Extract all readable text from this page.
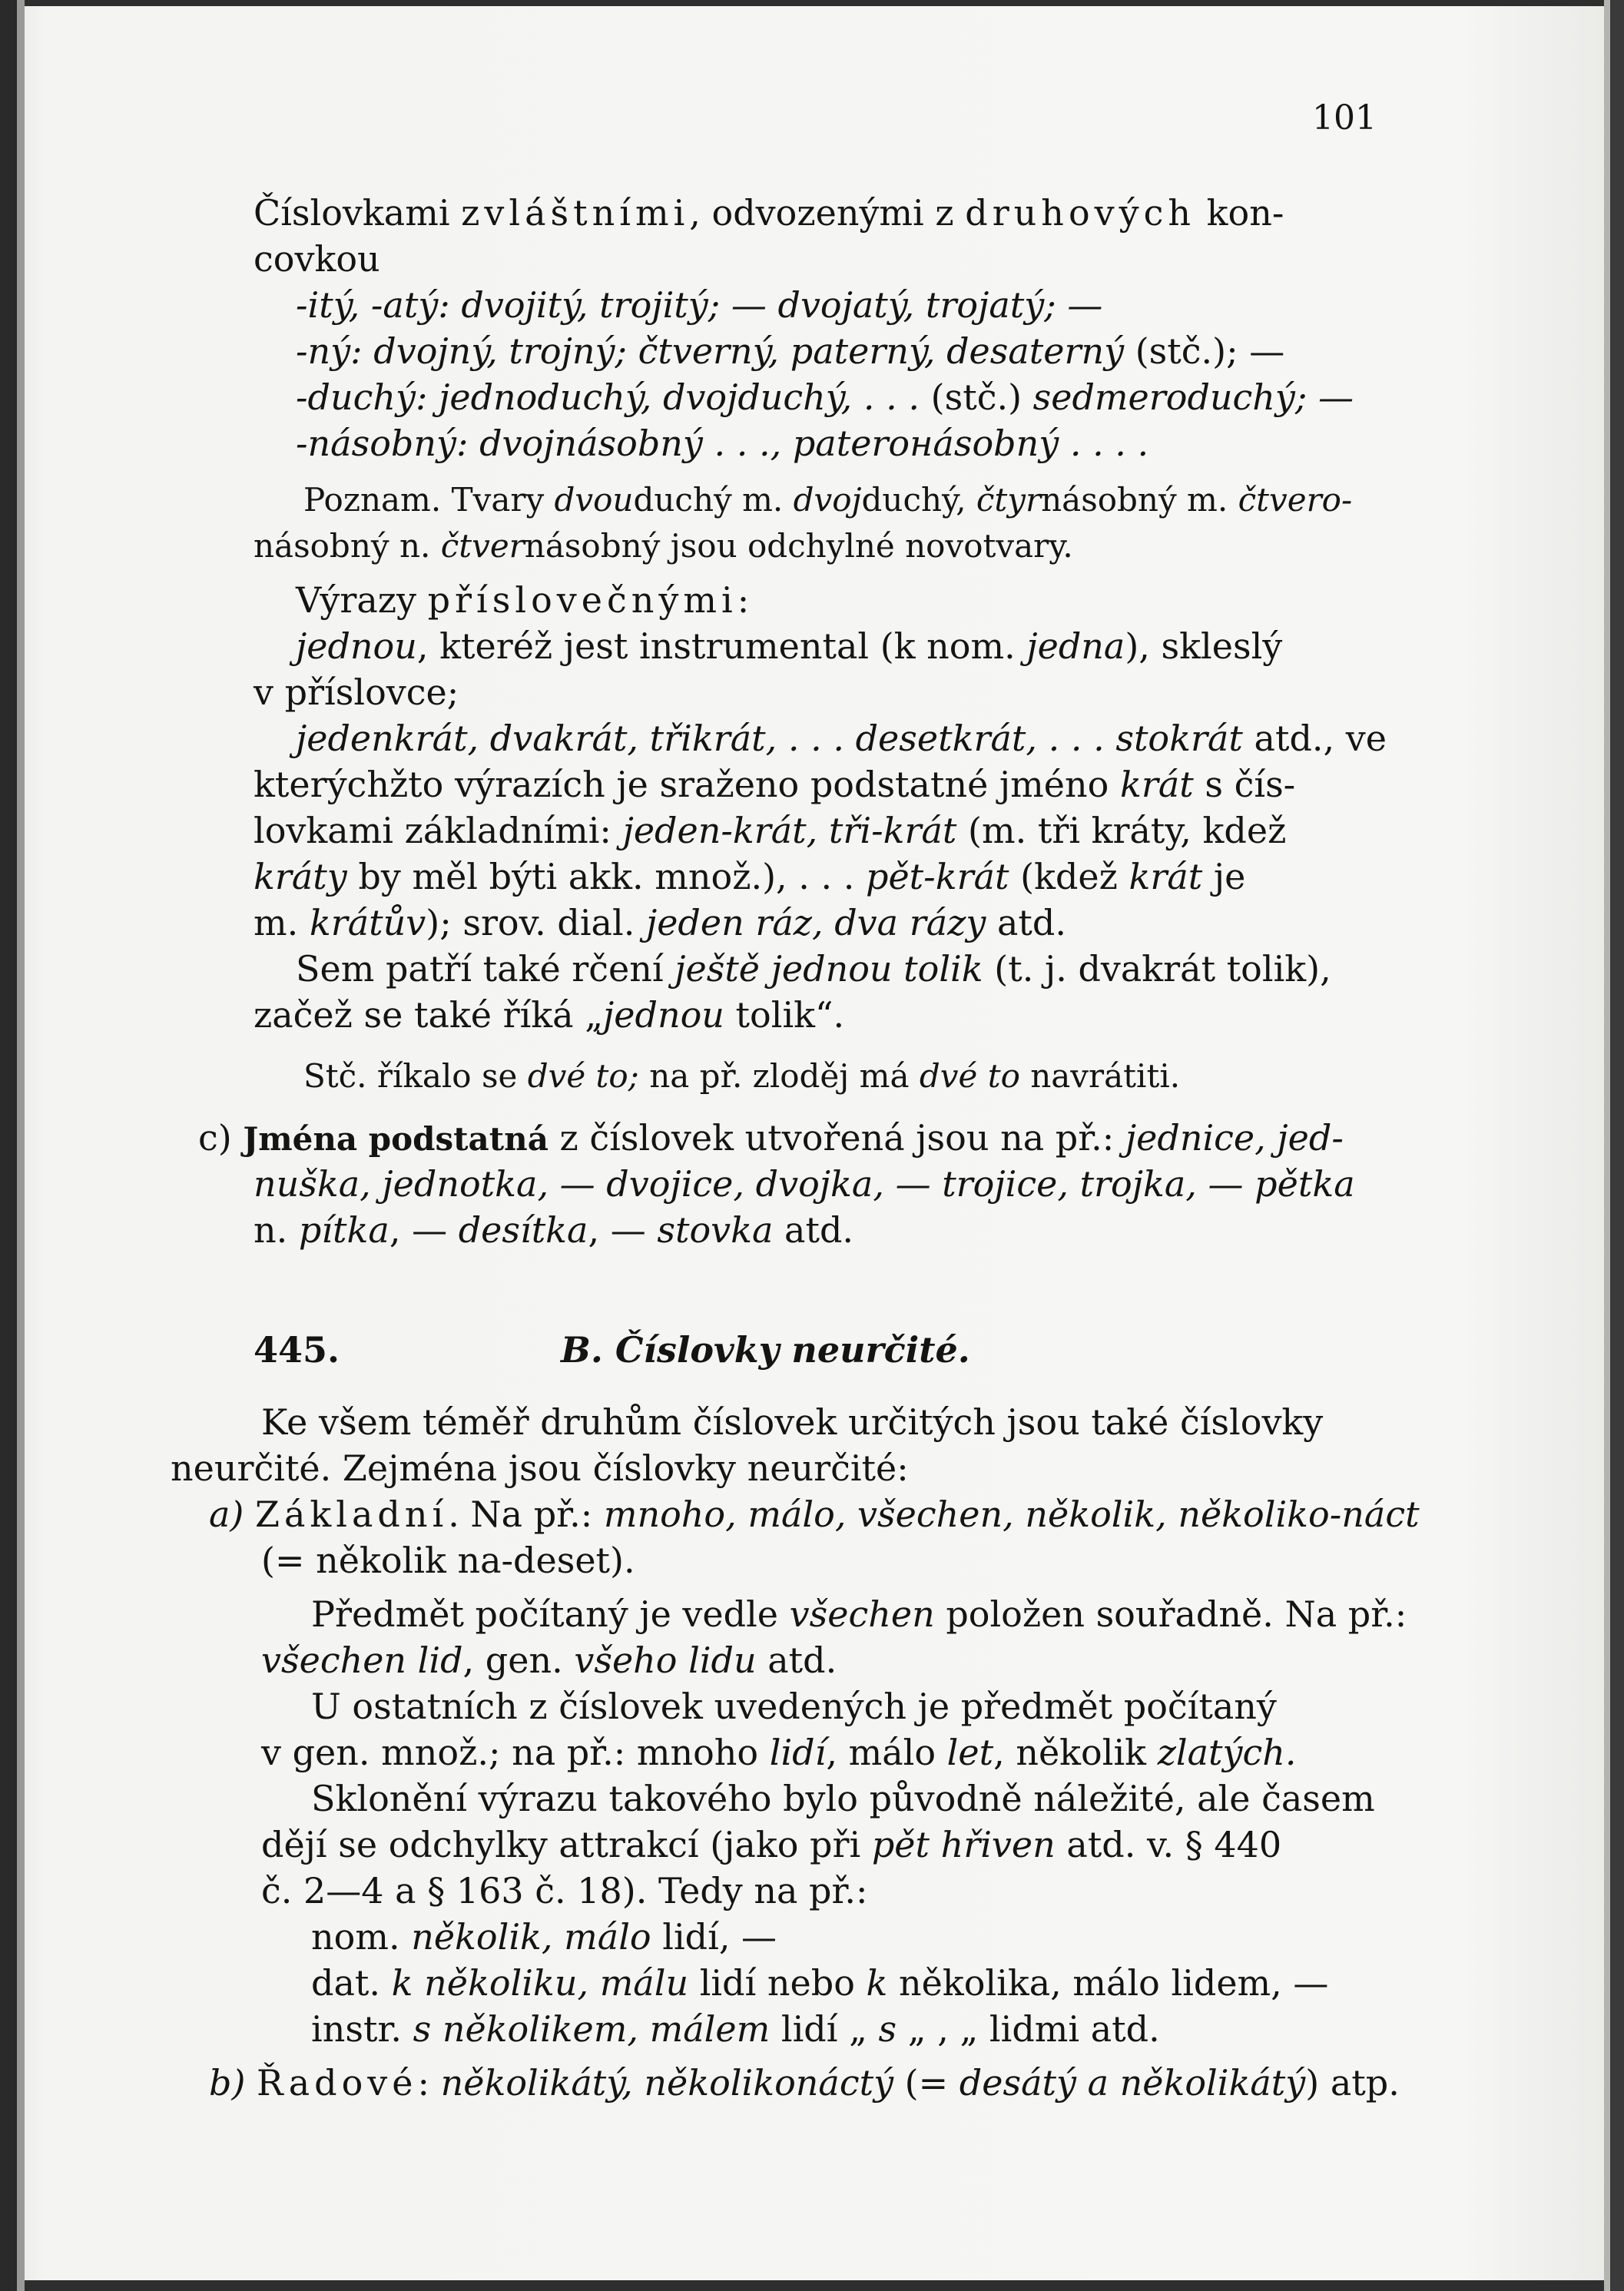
101
Číslovkami zvláštními, odvozenými z druhových kon-
covkou
-itý, -atý: dvojitý, trojitý; — dvojatý, trojatý; —
-ný: dvojný, trojný; čtverný, paterný, desaterný (stč.); —
-duchý: jednoduchý, dvojduchý, . . . (stč.) sedmeroduchý; —
-násobný: dvojnásobný . . ., paterонásobný . . . .
Poznam. Tvary dvouduchý m. dvojduchý, čtyrnásobný m. čtvero-
násobný n. čtvernásobný jsou odchylné novotvary.
Výrazy příslovečnými:
jednou, kteréž jest instrumental (k nom. jedna), skleslý
v příslovce;
jedenkrát, dvakrát, třikrát, . . . desetkrát, . . . stokrát atd., ve
kterýchžto výrazích je sraženo podstatné jméno krát s čís-
lovkami základními: jeden-krát, tři-krát (m. tři kráty, kdež
kráty by měl býti akk. množ.), . . . pět-krát (kdež krát je
m. krátův); srov. dial. jeden ráz, dva rázy atd.
Sem patří také rčení ještě jednou tolik (t. j. dvakrát tolik),
začež se také říká „jednou tolik“.
Stč. říkalo se dvé to; na př. zloděj má dvé to navrátiti.
c) Jména podstatná z číslovek utvořená jsou na př.: jednice, jed-
nuška, jednotka, — dvojice, dvojka, — trojice, trojka, — pětka
n. pítka, — desítka, — stovka atd.
445.	B. Číslovky neurčité.
Ke všem téměř druhům číslovek určitých jsou také číslovky
neurčité. Zejména jsou číslovky neurčité:
a) Základní. Na př.: mnoho, málo, všechen, několik, několiko-náct
(= několik na-deset).
Předmět počítaný je vedle všechen položen souřadně. Na př.:
všechen lid, gen. všeho lidu atd.
U ostatních z číslovek uvedených je předmět počítaný
v gen. množ.; na př.: mnoho lidí, málo let, několik zlatých.
Sklonění výrazu takového bylo původně náležité, ale časem
dějí se odchylky attrakcí (jako při pět hřiven atd. v. § 440
č. 2—4 a § 163 č. 18). Tedy na př.:
nom. několik, málo lidí, —
dat. k několiku, málu lidí nebo k několika, málo lidem, —
instr. s několikem, málem lidí „ s „ , „ lidmi atd.
b) Řadové: několikátý, několikonáctý (= desátý a několikátý) atp.
